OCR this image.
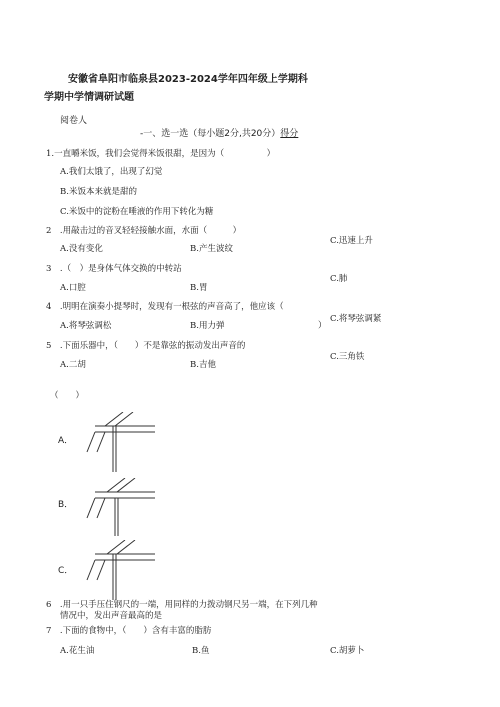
安徽省阜阳市临泉县2023-2024学年四年级上学期科
学期中学情调研试题
阅卷人
-一、选一选（每小题2分,共20分）得分
1.一直嚼米饭，我们会觉得米饭很甜，是因为（　　　　　）
A.我们太饿了，出现了幻觉
B.米饭本来就是甜的
C.米饭中的淀粉在唾液的作用下转化为糖
2　.用敲击过的音叉轻轻接触水面，水面（　　　）
A.没有变化	B.产生波纹
C.迅速上升
3　.（　）是身体气体交换的中转站
A.口腔	B.胃
C.肺
4　.明明在演奏小提琴时，发现有一根弦的声音高了，他应该（
）
A.将琴弦调松	B.用力弹
C.将琴弦调紧
5　.下面乐器中，（　　）不是靠弦的振动发出声音的
A.二胡	B.吉他
C.三角铁
（　　）
A．
B．
C．
6　.用一只手压住钢尺的一端，用同样的力拨动钢尺另一端，在下列几种
情况中，发出声音最高的是
7　.下面的食物中，（　　）含有丰富的脂肪
A.花生油	B.鱼	C.胡萝卜
